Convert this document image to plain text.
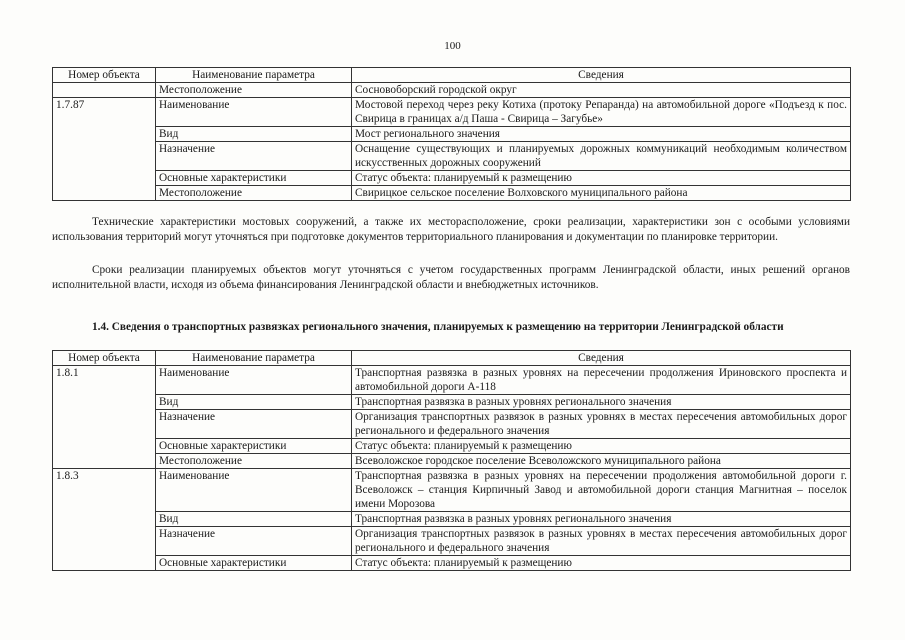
100
Номер объекта	Наименование параметра	Сведения
	Местоположение	Сосновоборский городской округ
1.7.87	Наименование	Мостовой переход через реку Котиха (протоку Репаранда) на автомобильной дороге «Подъезд к пос. Свирица в границах а/д Паша - Свирица – Загубье»
	Вид	Мост регионального значения
	Назначение	Оснащение существующих и планируемых дорожных коммуникаций необходимым количеством искусственных дорожных сооружений
	Основные характеристики	Статус объекта: планируемый к размещению
	Местоположение	Свирицкое сельское поселение Волховского муниципального района

Технические характеристики мостовых сооружений, а также их месторасположение, сроки реализации, характеристики зон с особыми условиями использования территорий могут уточняться при подготовке документов территориального планирования и документации по планировке территории.

Сроки реализации планируемых объектов могут уточняться с учетом государственных программ Ленинградской области, иных решений органов исполнительной власти, исходя из объема финансирования Ленинградской области и внебюджетных источников.

1.4. Сведения о транспортных развязках регионального значения, планируемых к размещению на территории Ленинградской области

Номер объекта	Наименование параметра	Сведения
1.8.1	Наименование	Транспортная развязка в разных уровнях на пересечении продолжения Ириновского проспекта и автомобильной дороги А-118
	Вид	Транспортная развязка в разных уровнях регионального значения
	Назначение	Организация транспортных развязок в разных уровнях в местах пересечения автомобильных дорог регионального и федерального значения
	Основные характеристики	Статус объекта: планируемый к размещению
	Местоположение	Всеволожское городское поселение Всеволожского муниципального района
1.8.3	Наименование	Транспортная развязка в разных уровнях на пересечении продолжения автомобильной дороги г. Всеволожск – станция Кирпичный Завод и автомобильной дороги станция Магнитная – поселок имени Морозова
	Вид	Транспортная развязка в разных уровнях регионального значения
	Назначение	Организация транспортных развязок в разных уровнях в местах пересечения автомобильных дорог регионального и федерального значения
	Основные характеристики	Статус объекта: планируемый к размещению
